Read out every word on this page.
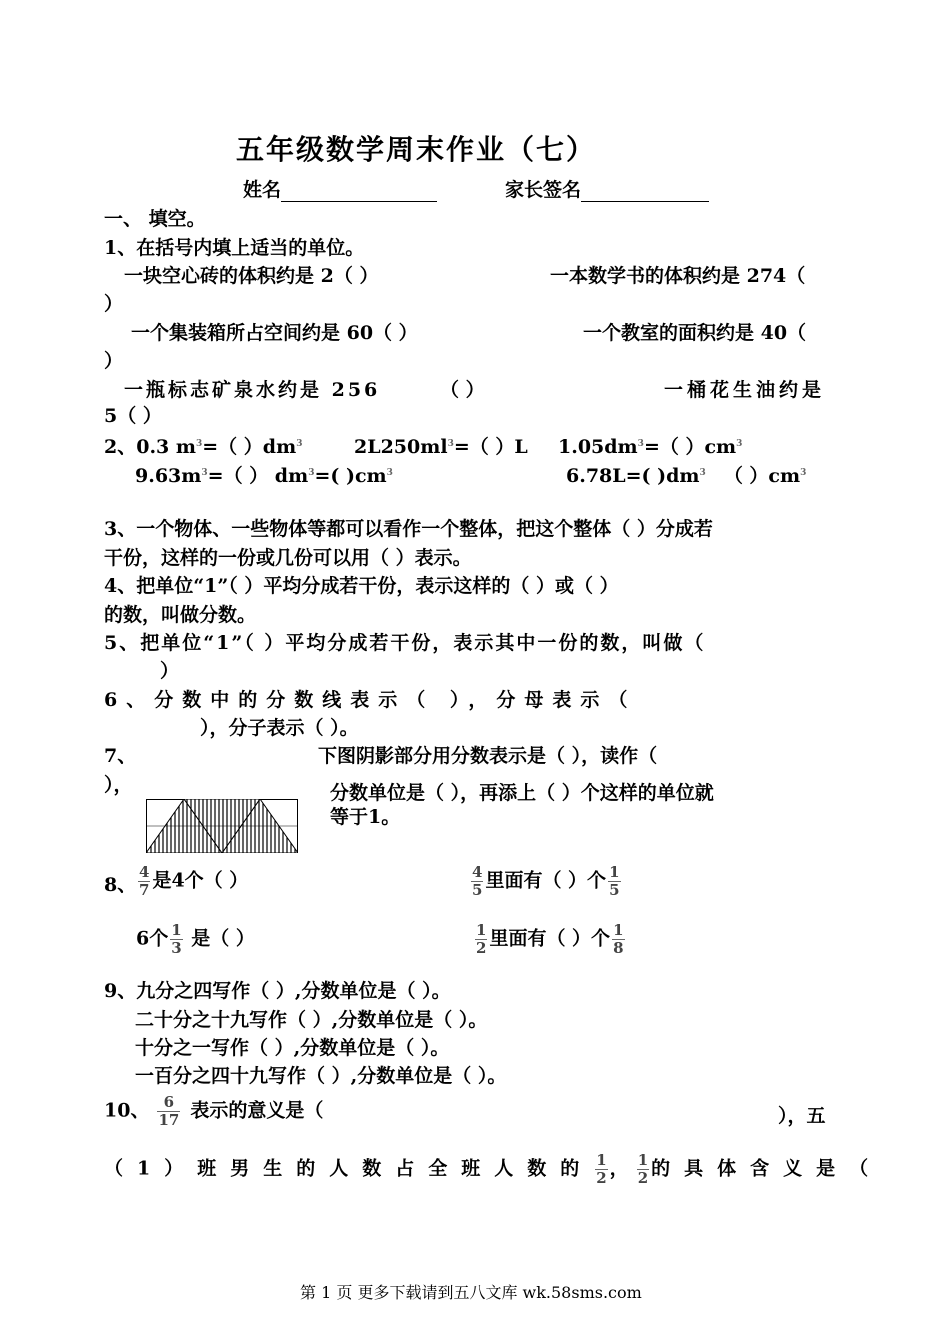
五年级数学周末作业（七）
姓名	家长签名
一、 填空。
1、在括号内填上适当的单位。
一块空心砖的体积约是 2（ ）	一本数学书的体积约是 274（
）
一个集装箱所占空间约是 60（ ）	一个教室的面积约是 40（
）
一瓶标志矿泉水约是 256	（ ）	一桶花生油约是
5（ ）
2、0.3 $m^3=$（ ）$dm^3$	$2L250ml^3=$（ ）L $1.05dm^3=$（ ）$cm^3$
$9.63m^3=$（ ） $dm^3=$( )$cm^3$	6.78L=( )$dm^3$ （ ）$cm^3$
3、一个物体、一些物体等都可以看作一个整体，把这个整体（ ）分成若
干份，这样的一份或几份可以用（ ）表示。
4、把单位“1”（ ）平均分成若干份，表示这样的（ ）或（ ）
的数，叫做分数。
5、把单位“1”（ ）平均分成若干份，表示其中一份的数，叫做（
）
6、分数中的分数线表示（ ），分母表示（
），分子表示（ ）。
7、	下图阴影部分用分数表示是（ ），读作（
），	分数单位是（ ），再添上（ ）个这样的单位就
等于1。
8、 $\frac{4}{7}$ 是4个（ ）	$\frac{4}{5}$ 里面有（ ）个 $\frac{1}{5}$
6个 $\frac{1}{3}$ 是（ ）	$\frac{1}{2}$ 里面有（ ）个 $\frac{1}{8}$
9、九分之四写作（ ）,分数单位是（ ）。
二十分之十九写作（ ）,分数单位是（ ）。
十分之一写作（ ）,分数单位是（ ）。
一百分之四十九写作（ ）,分数单位是（ ）。
10、 $\frac{6}{17}$ 表示的意义是（	），五
（1）班男生的人数占全班人数的 $\frac{1}{2}$ ， $\frac{1}{2}$ 的具体含义是（
第 1 页 更多下载请到五八文库 wk.58sms.com
